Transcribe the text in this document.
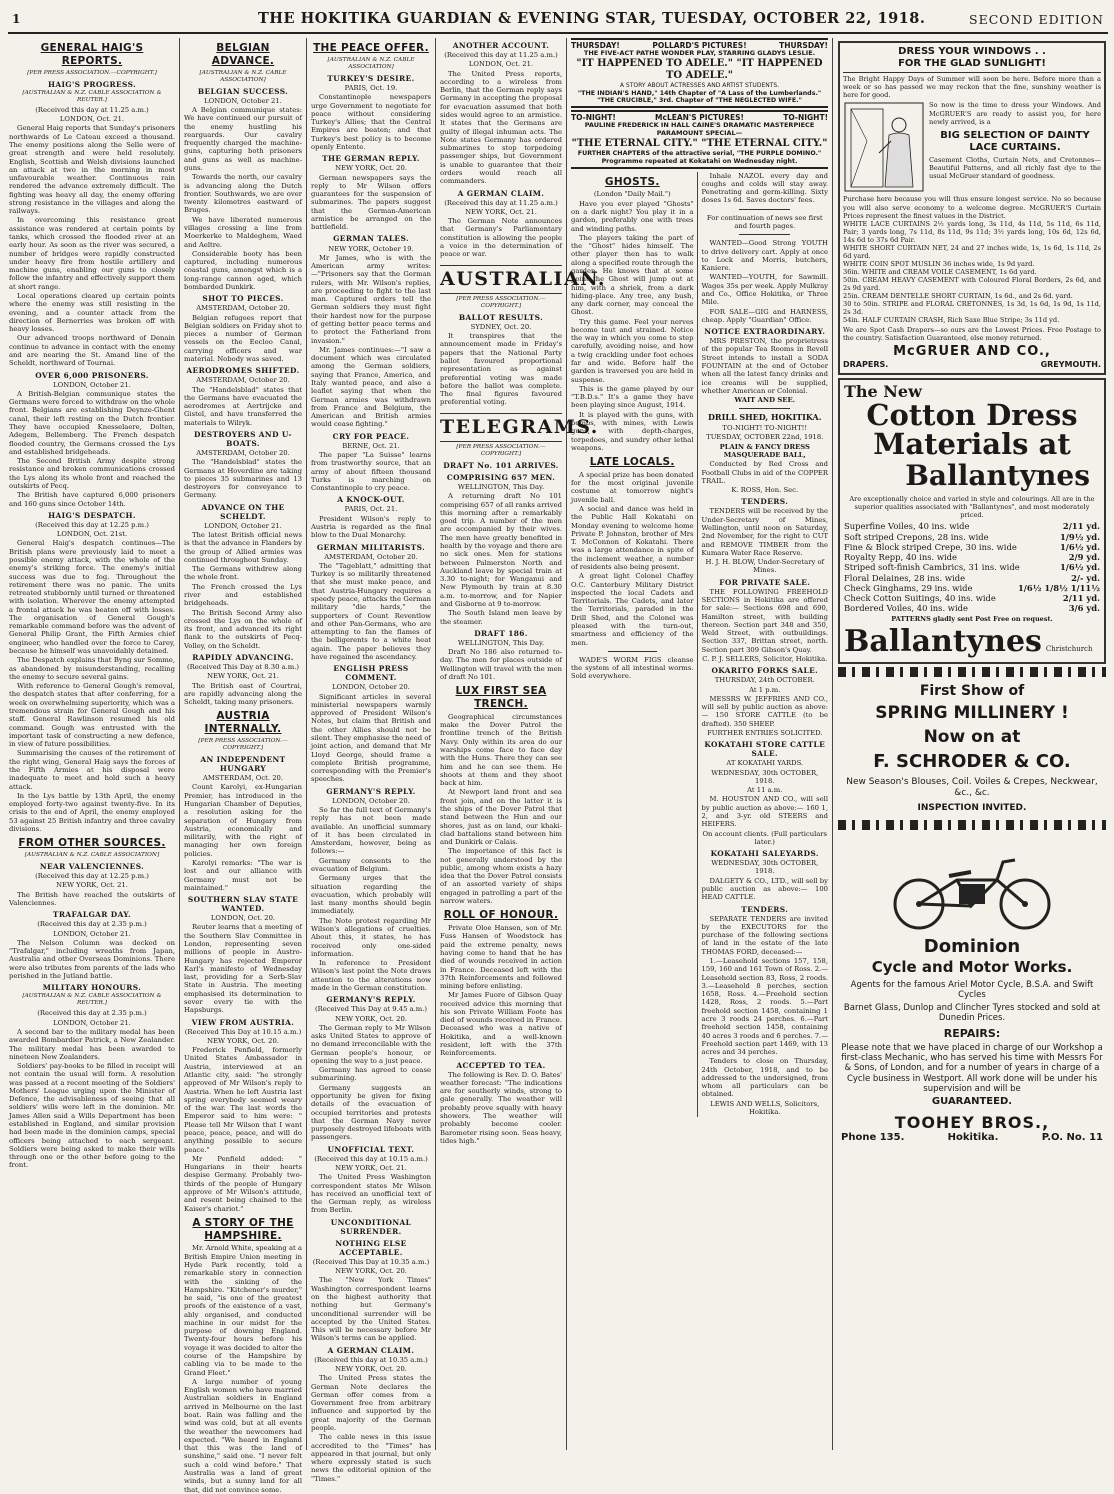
1	THE HOKITIKA GUARDIAN & EVENING STAR, TUESDAY, OCTOBER 22, 1918.	SECOND EDITION
GENERAL HAIG'S REPORTS.
[PER PRESS ASSOCIATION.—COPYRIGHT.]
HAIG'S PROGRESS.
[AUSTRALIAN & N.Z. CABLE ASSOCIATION & REUTER.]
(Received this day at 11.25 a.m.)
LONDON, Oct. 21.

General Haig reports that Sunday's prisoners northwards of Le Cateau exceed a thousand. The enemy positions along the Selle were of great strength and were held resolutely. English, Scottish and Welsh divisions launched an attack at two in the morning in most unfavourable weather. Continuous rain rendered the advance extremely difficult. The fighting was heavy all day, the enemy offering strong resistance in the villages and along the railways.

In overcoming this resistance great assistance was rendered at certain points by tanks, which crossed the flooded river at an early hour. As soon as the river was secured, a number of bridges were rapidly constructed under heavy fire from hostile artillery and machine guns, enabling our guns to closely follow the infantry and effectively support them at short range.

Local operations cleared up certain points where the enemy was still resisting in the evening, and a counter attack from the direction of Bernerries was broken off with heavy losses.

Our advanced troops northward of Denain continue to advance in contact with the enemy and are nearing the St. Amand line of the Scheldt, northward of Tournai.

OVER 6,000 PRISONERS.
LONDON, October 21.

A British-Belgian communique states the Germans were forced to withdraw on the whole front. Belgians are establishing Deynze-Ghent canal, their left resting on the Dutch frontier. They have occupied Knesselaere, Dolten, Adegem, Bellemberg. The French despatch flooded country, the Germans crossed the Lys and established bridgeheads.

The Second British Army despite strong resistance and broken communications crossed the Lys along its whole front and reached the outskirts of Pecq.

The British have captured 6,000 prisoners and 160 guns since October 14th.

HAIG'S DESPATCH.
(Received this day at 12.25 p.m.)
LONDON, Oct. 21st.

General Haig's despatch continues—The British plans were previously laid to meet a possible enemy attack, with the whole of the enemy's striking force. The enemy's initial success was due to fog. Throughout the retirement there was no panic. The units retreated stubbornly until turned or threatened with isolation. Wherever the enemy attempted a frontal attack he was beaten off with losses. The organisation of General Gough's remarkable command before was the advent of General Philip Grant, the Fifth Armies chief engineer, who handled over the force to Carey, because he himself was unavoidably detained.

The Despatch explains that Byng sur Somme, as abandoned by misunderstanding, recalling the enemy to secure several gains.

With reference to General Gough's removal, the despatch states that after conferring, for a week on overwhelming superiority, which was a tremendous strain for General Gough and his staff. General Rawlinson resumed his old command. Gough was entrusted with the important task of constructing a new defence, in view of future possibilities.

Summarising the causes of the retirement of the right wing, General Haig says the forces of the Fifth Armies at his disposal were inadequate to meet and hold such a heavy attack.

In the Lys battle by 13th April, the enemy employed forty-two against twenty-five. In its crisis to the end of April, the enemy employed 53 against 25 British infantry and three cavalry divisions.

FROM OTHER SOURCES.
[AUSTRALIAN & N.Z. CABLE ASSOCIATION]
NEAR VALENCIENNES.
(Received this day at 12.25 p.m.)
NEW YORK, Oct. 21.

The British have reached the outskirts of Valenciennes.

TRAFALGAR DAY.
(Received this day at 2.35 p.m.)
LONDON, October 21.

The Nelson Column was decked on "Trafalgar," including wreaths from Japan, Australia and other Overseas Dominions. There were also tributes from parents of the lads who perished in the Jutland battle.

MILITARY HONOURS.
[AUSTRALIAN & N.Z. CABLE ASSOCIATION & REUTER.]
(Received this day at 2.35 p.m.)
LONDON, October 21.

A second bar to the military medal has been awarded Bombardier Patrick, a New Zealander. The military medal has been awarded to nineteen New Zealanders.

Soldiers' pay-books to be filled in receipt will not contain the usual will form. A resolution was passed at a recent meeting of the Soldiers' Mothers' League urging upon the Minister of Defence, the advisableness of seeing that all soldiers' wills were left in the dominion. Mr. James Allen said a Wills Department has been established in England, and similar provision had been made in the dominion camps, special officers being attached to each sergeant. Soldiers were being asked to make their wills through one or the other before going to the front.

BELGIAN ADVANCE.
[AUSTRALIAN & N.Z. CABLE ASSOCIATION]
BELGIAN SUCCESS.
LONDON, October 21.

A Belgian communique states: We have continued our pursuit of the enemy hustling his rearguards. Our cavalry frequently charged the machine-guns, capturing both prisoners and guns as well as machine-guns.

Towards the north, our cavalry is advancing along the Dutch frontier. Southwards, we are over twenty kilometres eastward of Bruges.

We have liberated numerous villages crossing a line from Moerkerke to Maldeghem, Waed and Aeltre.

Considerable booty has been captured, including numerous coastal guns, amongst which is a long-range cannon aged, which bombarded Dunkirk.

SHOT TO PIECES.
AMSTERDAM, October 20.

Belgian refugees report that Belgian soldiers on Friday shot to pieces a number of German vessels on the Eecloo Canal, carrying officers and war material. Nobody was saved.

AERODROMES SHIFTED.
AMSTERDAM, October 20.

The "Handelsblad" states that the Germans have evacuated the aerodromes at Aertrijcke and Gistel, and have transferred the materials to Wilryk.

DESTROYERS AND U-BOATS.
AMSTERDAM, October 20.

The "Handelsblad" states the Germans at Hoverdine are taking to pieces 35 submarines and 13 destroyers for conveyance to Germany.

ADVANCE ON THE SCHELDT.
LONDON, October 21.

The latest British official news is that the advance in Flanders by the group of Allied armies was continued throughout Sunday.

The Germans withdrew along the whole front.

The French crossed the Lys river and established bridgeheads.

The British Second Army also crossed the Lys on the whole of its front, and advanced its right flank to the outskirts of Pecq-Volley, on the Scheldt.

RAPIDLY ADVANCING.
(Received This Day at 8.30 a.m.)
NEW YORK, Oct. 21.

The British east of Courtrai, are rapidly advancing along the Scheldt, taking many prisoners.

AUSTRIA INTERNALLY.
[PER PRESS ASSOCIATION.—COPYRIGHT.]
AN INDEPENDENT HUNGARY
AMSTERDAM, Oct. 20.

Count Karolyi, ex-Hungarian Premier, has introduced in the Hungarian Chamber of Deputies, a resolution asking for the separation of Hungary from Austria, economically and militarily, with the right of managing her own foreign policies.

Karolyi remarks: "The war is lost and our alliance with Germany must not be maintained."

SOUTHERN SLAV STATE WANTED.
LONDON, Oct. 20.

Reuter learns that a meeting of the Southern Slav Committee in London, representing seven millions of people in Austro-Hungary has rejected Emperor Karl's manifesto of Wednesday last, providing for a Serb-Slav State in Austria. The meeting emphasised its determination to sever every tie with the Hapsburgs.

VIEW FROM AUSTRIA.
(Received This Day at 10.15 a.m.)
NEW YORK, Oct. 20.

Frederick Penfield, formerly United States Ambassador in Austria, interviewed at an Atlantic city, said: "he strongly approved of Mr Wilson's reply to Austria. When he left Austria last spring everybody seemed weary of the war. The last words the Emperor said to him were: " Please tell Mr Wilson that I want peace, peace, peace, and will do anything possible to secure peace."

Mr Penfield added: " Hungarians in their hearts despise Germany. Probably two-thirds of the people of Hungary approve of Mr Wilson's attitude, and resent being chained to the Kaiser's chariot."

A STORY OF THE HAMPSHIRE.

Mr. Arnold White, speaking at a British Empire Union meeting in Hyde Park recently, told a remarkable story in connection with the sinking of the Hampshire. "Kitchener's murder," he said, "is one of the greatest proofs of the existence of a vast, ably organised, and conducted machine in our midst for the purpose of downing England. Twenty-four hours before his voyage it was decided to alter the course of the Hampshire by cabling via to be made to the Grand Fleet."

A large number of young English women who have married Australian soldiers in England arrived in Melbourne on the last boat. Rain was falling and the wind was cold, but at all events the weather the newcomers had expected. "We heard in England that this was the land of sunshine," said one. "I never felt such a cold wind before." That Australia was a land of great winds, but a sunny land for all that, did not convince some.

THE PEACE OFFER.
[AUSTRALIAN & N.Z. CABLE ASSOCIATION]
TURKEY'S DESIRE.
PARIS, Oct. 19.

Constantinople newspapers urge Government to negotiate for peace without considering Turkey's Allies; that the Central Empires are beaten; and that Turkey's best policy is to become openly Entente.

THE GERMAN REPLY.
NEW YORK, Oct. 20.

German newspapers says the reply to Mr Wilson offers guarantees for the suspension of submarines. The papers suggest that the German-American armistice be arranged on the battlefield.

GERMAN TALES.
NEW YORK, October 19.

Mr James, who is with the American army writes:—"Prisoners say that the German rulers, with Mr. Wilson's replies, are proceeding to fight to the last man. Captured orders tell the German soldiers they must fight their hardest now for the purpose of getting better peace terms and to protect the Fatherland from invasion."

Mr. James continues:—"I saw a document which was circulated among the German soldiers, saying that France, America, and Italy wanted peace, and also a leaflet saying that when the German armies was withdrawn from France and Belgium, the American and British armies would cease fighting."

CRY FOR PEACE.
BERNE, Oct. 21.

The paper "La Suisse" learns from trustworthy source, that an army of about fifteen thousand Turks is marching on Constantinople to cry peace.

A KNOCK-OUT.
PARIS, Oct. 21.

President Wilson's reply to Austria is regarded as the final blow to the Dual Monarchy.

GERMAN MILITARISTS.
AMSTERDAM, October 20.

The "Tageblatt," admitting that Turkey is so militarily threatened that she must make peace, and that Austria-Hungary requires a speedy peace, attacks the German military "die hards," the supporters of Count Reventlow and other Pan-Germans, who are attempting to fan the flames of the belligerents to a white heat again. The paper believes they have regained the ascendancy.

ENGLISH PRESS COMMENT.
LONDON, October 20.

Significant articles in several ministerial newspapers warmly approved of President Wilson's Notes, but claim that British and the other Allies should not be silent. They emphasise the need of joint action, and demand that Mr Lloyd George, should frame a complete British programme, corresponding with the Premier's speeches.

GERMANY'S REPLY.
LONDON, October 20.

So far the full text of Germany's reply has not been made available. An unofficial summary of it has been circulated in Amsterdam, however, being as follows:—

Germany consents to the evacuation of Belgium.

Germany urges that the situation regarding the evacuation, which probably will last many months should begin immediately.

The Note protest regarding Mr Wilson's allegations of cruelties. About this, it states, he has received only one-sided information.

In reference to President Wilson's last point the Note draws attention to the alterations now made in the German constitution.

GERMANY'S REPLY.
(Received This Day at 9.45 a.m.)
NEW YORK, Oct. 20.

The German reply to Mr Wilson asks United States to approve of no demand irreconcilable with the German people's honour, or opening the way to a just peace.

Germany has agreed to cease submarining.

Germany suggests an opportunity be given for fixing details of the evacuation of occupied territories and protests that the German Navy never purposely destroyed lifeboats with passengers.

UNOFFICIAL TEXT.
(Received this day at 10.15 a.m.)
NEW YORK, Oct. 21.

The United Press Washington correspondent states Mr Wilson has received an unofficial text of the German reply, as wireless from Berlin.

UNCONDITIONAL SURRENDER.
NOTHING ELSE ACCEPTABLE.
(Received This Day at 10.35 a.m.)
NEW YORK, Oct. 20.

The "New York Times" Washington correspondent learns on the highest authority that nothing but Germany's unconditional surrender will be accepted by the United States. This will be necessary before Mr Wilson's terms can be applied.

A GERMAN CLAIM.
(Received this day at 10.35 a.m.)
NEW YORK, Oct. 20.

The United Press states the German Note declares the German offer comes from a Government free from arbitrary influence and supported by the great majority of the German people.

The cable news in this issue accredited to the "Times" has appeared in that journal, but only where expressly stated is such news the editorial opinion of the "Times."

ANOTHER ACCOUNT.
(Received this day at 11.25 a.m.)
LONDON, Oct. 21.

The United Press reports, according to a wireless from Berlin, that the German reply says Germany in accepting the proposal for evacuation assumed that both sides would agree to an armistice. It states that the Germans are guilty of illegal inhuman acts. The Note states Germany has ordered submarines to stop torpedoing passenger ships, but Government is unable to guarantee that their orders would reach all commanders.

A GERMAN CLAIM.
(Received this day at 11.25 a.m.)
NEW YORK, Oct. 21.

The German Note announces that Germany's Parliamentary constitution is allowing the people a voice in the determination of peace or war.

AUSTRALIAN.
[PER PRESS ASSOCIATION.—COPYRIGHT.]
BALLOT RESULTS.
SYDNEY, Oct. 20.

It transpires that the announcement made in Friday's papers that the National Party ballot favoured proportional representation as against preferential voting was made before the ballot was complete. The final figures favoured preferential voting.

TELEGRAMS.
[PER PRESS ASSOCIATION.—COPYRIGHT.]
DRAFT No. 101 ARRIVES.
COMPRISING 657 MEN.
WELLINGTON, This Day.

A returning draft No 101 comprising 657 of all ranks arrived this morning after a remarkably good trip. A number of the men are accompanied by their wives. The men have greatly benefited in health by the voyage and there are no sick ones. Men for stations between Palmerston North and Auckland leave by special train at 3.30 to-night; for Wanganui and New Plymouth by train at 8.30 a.m. to-morrow, and for Napier and Gisborne at 9 to-morrow.

The South Island men leave by the steamer.

DRAFT 186.
WELLINGTON, This Day.

Draft No 186 also returned to-day. The men for places outside of Wellington will travel with the men of draft No 101.

LUX FIRST SEA TRENCH.

Geographical circumstances make the Dover Patrol the frontline trench of the British Navy. Only within its area do our warships come face to face day with the Huns. There they can see him and he can see them. He shoots at them and they shoot back at him.

At Newport land front and sea front join, and on the latter it is the ships of the Dover Patrol that stand between the Hun and our shores, just as on land, our khaki-clad battalions stand between him and Dunkirk or Calais.

The importance of this fact is not generally understood by the public, among whom exists a hazy idea that the Dover Patrol consists of an assorted variety of ships engaged in patrolling a part of the narrow waters.

ROLL OF HONOUR.

Private Oloe Hansen, son of Mr. Fuss Hansen of Woodstock has paid the extreme penalty, news having come to hand that he has died of wounds received in action in France. Deceased left with the 37th Reinforcements and followed mining before enlisting.

Mr James Fuore of Gibson Quay received advice this morning that his son Private William Foote has died of wounds received in France. Deceased who was a native of Hokitika, and a well-known resident, left with the 37th Reinforcements.

ACCEPTED TO TEA.

The following is Rev. D. O. Bates' weather forecast: "The indications are for southerly winds, strong to gale generally. The weather will probably prove squally with heavy showers. The weather will probably become cooler. Barometer rising soon. Seas heavy, tides high."

THURSDAY!	POLLARD'S PICTURES!	THURSDAY!
THE FIVE-ACT PATHE WONDER PLAY, STARRING GLADYS LESLIE.
"IT HAPPENED TO ADELE." "IT HAPPENED TO ADELE."
A STORY ABOUT ACTRESSES AND ARTIST STUDENTS.
"THE INDIAN'S HAND," 14th Chapter of "A Lass of the Lumberlands."
"THE CRUCIBLE," 3rd. Chapter of "THE NEGLECTED WIFE."
TO-NIGHT!	McLEAN'S PICTURES!	TO-NIGHT!
PAULINE FREDERICK IN HALL CAINE'S DRAMATIC MASTERPIECE
PARAMOUNT SPECIAL—
"THE ETERNAL CITY." "THE ETERNAL CITY."
FURTHER CHAPTERS of the attractive serial, "THE PURPLE DOMINO."
Programme repeated at Kokatahi on Wednesday night.
GHOSTS.
(London "Daily Mail.")

Have you ever played "Ghosts" on a dark night? You play it in a garden, preferably one with trees and winding paths.

The players taking the part of the "Ghost" hides himself. The other player then has to walk along a specified route through the garden. He knows that at some point the Ghost will jump out at him, with a shriek, from a dark hiding-place. Any tree, any bush, any dark corner, may conceal the Ghost.

Try this game. Feel your nerves become taut and strained. Notice the way in which you come to step carefully, avoiding noise, and how a twig crackling under foot echoes far and wide. Before half the garden is traversed you are held in suspense.

This is the game played by our "T.B.D.s." It's a game they have been playing since August, 1914.

It is played with the guns, with bombs, with mines, with Lewis guns, with depth-charges, torpedoes, and sundry other lethal weapons.

LATE LOCALS.

A special prize has been donated for the most original juvenile costume at tomorrow night's juvenile ball.

A social and dance was held in the Public Hall Kokatahi on Monday evening to welcome home Private P. Johnston, brother of Mrs T. McConnon of Kokatahi. There was a large attendance in spite of the inclement weather, a number of residents also being present.

A great light Colonel Chaffey O.C. Canterbury Military District inspected the local Cadets and Territorials. The Cadets, and later the Territorials, paraded in the Drill Shed, and the Colonel was pleased with the turn-out, smartness and efficiency of the men.

WADE'S WORM FIGS cleanse the system of all intestinal worms. Sold everywhere.

Inhale NAZOL every day and coughs and colds will stay away. Penetrating and germ-killing. Sixty doses 1s 6d. Saves doctors' fees.

For continuation of news see first and fourth pages.

WANTED—Good Strong YOUTH to drive delivery cart. Apply at once to Lock and Morris, butchers, Kaniere.

WANTED—YOUTH, for Sawmill. Wages 35s per week. Apply Mulkray and Co., Office Hokitika, or Three Mile.

FOR SALE—GIG and HARNESS, cheap. Apply "Guardian" Office.

NOTICE EXTRAORDINARY.

MRS PRESTON, the proprietress of the popular Tea Rooms in Revell Street intends to install a SODA FOUNTAIN at the end of October when all the latest fancy drinks and ice creams will be supplied, whether American or Colonial.

WAIT AND SEE.
DRILL SHED, HOKITIKA.
TO-NIGHT! TO-NIGHT!!
TUESDAY, OCTOBER 22nd, 1918.
PLAIN & FANCY DRESS MASQUERADE BALL,

Conducted by Red Cross and Football Clubs in aid of the COPPER TRAIL.

K. ROSS, Hon. Sec.
TENDERS.

TENDERS will be received by the Under-Secretary of Mines, Wellington, until noon on Saturday, 2nd November, for the right to CUT and REMOVE TIMBER from the Kumara Water Race Reserve.

H. J. H. BLOW, Under-Secretary of Mines.
FOR PRIVATE SALE.

THE FOLLOWING FREEHOLD SECTIONS in Hokitika are offered for sale:— Sections 698 and 690, Hamilton street, with building thereon. Section part 348 and 350, Weld Street, with outbuildings. Section 337, Brittan street, north. Section part 309 Gibson's Quay.

C. P. J. SELLERS, Solicitor, Hokitika.
OKARITO FORKS SALE.
THURSDAY, 24th OCTOBER.
At 1 p.m.

MESSRS W. JEFFRIES AND CO., will sell by public auction as above:— 150 STORE CATTLE (to be drafted). 350 SHEEP.

FURTHER ENTRIES SOLICITED.
KOKATAHI STORE CATTLE SALE.
AT KOKATAHI YARDS.
WEDNESDAY, 30th OCTOBER, 1918.
At 11 a.m.

M. HOUSTON AND CO., will sell by public auction as above:— 160 1, 2, and 3-yr. old STEERS and HEIFERS.

On account clients. (Full particulars later.)
KOKATAHI SALEYARDS.
WEDNESDAY, 30th OCTOBER, 1918.

DALGETY & CO., LTD., will sell by public auction as above:— 100 HEAD CATTLE.

TENDERS.

SEPARATE TENDERS are invited by the EXECUTORS for the purchase of the following sections of land in the estate of the late THOMAS FORD, deceased:—

1.—Leasehold sections 157, 158, 159, 160 and 161 Town of Ross. 2.—Leasehold section 83, Ross, 2 roods. 3.—Leasehold 8 perches, section 1658, Ross. 4.—Freehold section 1428, Ross, 2 roods. 5.—Part freehold section 1458, containing 1 acre 3 roods 24 perches. 6.—Part freehold section 1458, containing 40 acres 3 roods and 6 perches. 7.—Freehold section part 1469, with 13 acres and 34 perches.

Tenders to close on Thursday, 24th October, 1918, and to be addressed to the undersigned, from whom all particulars can be obtained.

LEWIS AND WELLS, Solicitors, Hokitika.
DRESS YOUR WINDOWS . .
FOR THE GLAD SUNLIGHT!

The Bright Happy Days of Summer will soon be here. Before more than a week or so has passed we may reckon that the fine, sunshiny weather is here for good.

So now is the time to dress your Windows. And McGRUER'S are ready to assist you, for here newly arrived, is a

BIG SELECTION OF DAINTY LACE CURTAINS.

Casement Cloths, Curtain Nets, and Cretonnes—Beautiful Patterns, and all richly fast dye to the usual McGruer standard of goodness.

Purchase here because you will thus ensure longest service. No so because you will also serve economy to a welcome degree. McGRUER'S Curtain Prices represent the finest values in the District.

WHITE LACE CURTAINS 2½ yards long, 3s 11d, 4s 11d, 5s 11d, 6s 11d, Pair; 3 yards long, 7s 11d, 8s 11d, 9s 11d; 3½ yards long, 10s 6d, 12s 6d, 14s 6d to 37s 6d Pair.

WHITE SHORT CURTAIN NET, 24 and 27 inches wide, 1s, 1s 6d, 1s 11d, 2s 6d yard.

WHITE COIN SPOT MUSLIN 36 inches wide, 1s 9d yard.

36in. WHITE and CREAM VOILE CASEMENT, 1s 6d yard.

50in. CREAM HEAVY CASEMENT with Coloured Floral Borders, 2s 6d, and 2s 9d yard.

25in. CREAM DENTELLE SHORT CURTAIN, 1s 6d., and 2s 6d. yard.

30 to 50in. STRIPE and FLORAL CRETONNES, 1s 3d, 1s 6d, 1s 9d, 1s 11d, 2s 3d.

54in. HALF CURTAIN CRASH, Rich Saxe Blue Stripe; 3s 11d yd.

We are Spot Cash Drapers—so ours are the Lowest Prices. Free Postage to the country. Satisfaction Guaranteed, else money returned.

McGRUER AND CO.,
DRAPERS.	GREYMOUTH.
The New
Cotton Dress
Materials at
Ballantynes

Are exceptionally choice and varied in style and colourings. All are in the superior qualities associated with "Ballantynes", and most moderately priced.

Superfine Voiles, 40 ins. wide	2/11 yd.
Soft striped Crepons, 28 ins. wide	1/9½ yd.
Fine & Block striped Crepe, 30 ins. wide	1/6½ yd.
Royalty Repp, 40 ins. wide	2/9 yd.
Striped soft-finish Cambrics, 31 ins. wide	1/6½ yd.
Floral Delaines, 28 ins. wide	2/- yd.
Check Ginghams, 29 ins. wide	1/6½ 1/8½ 1/11½
Check Cotton Suitings, 40 ins. wide	2/11 yd.
Bordered Voiles, 40 ins. wide	3/6 yd.
PATTERNS gladly sent Post Free on request.
Ballantynes Christchurch
First Show of
SPRING MILLINERY !
Now on at
F. SCHRODER & CO.
New Season's Blouses, Coil. Voiles & Crepes, Neckwear, &c., &c.
INSPECTION INVITED.
Dominion
Cycle and Motor Works.
Agents for the famous Ariel Motor Cycle, B.S.A. and Swift Cycles
Barnet Glass, Dunlop and Clincher Tyres stocked and sold at Dunedin Prices.
REPAIRS:
Please note that we have placed in charge of our Workshop a first-class Mechanic, who has served his time with Messrs For & Sons, of London, and for a number of years in charge of a Cycle business in Westport. All work done will be under his supervision and will be
GUARANTEED.
TOOHEY BROS.,
Phone 135.	Hokitika.	P.O. No. 11
